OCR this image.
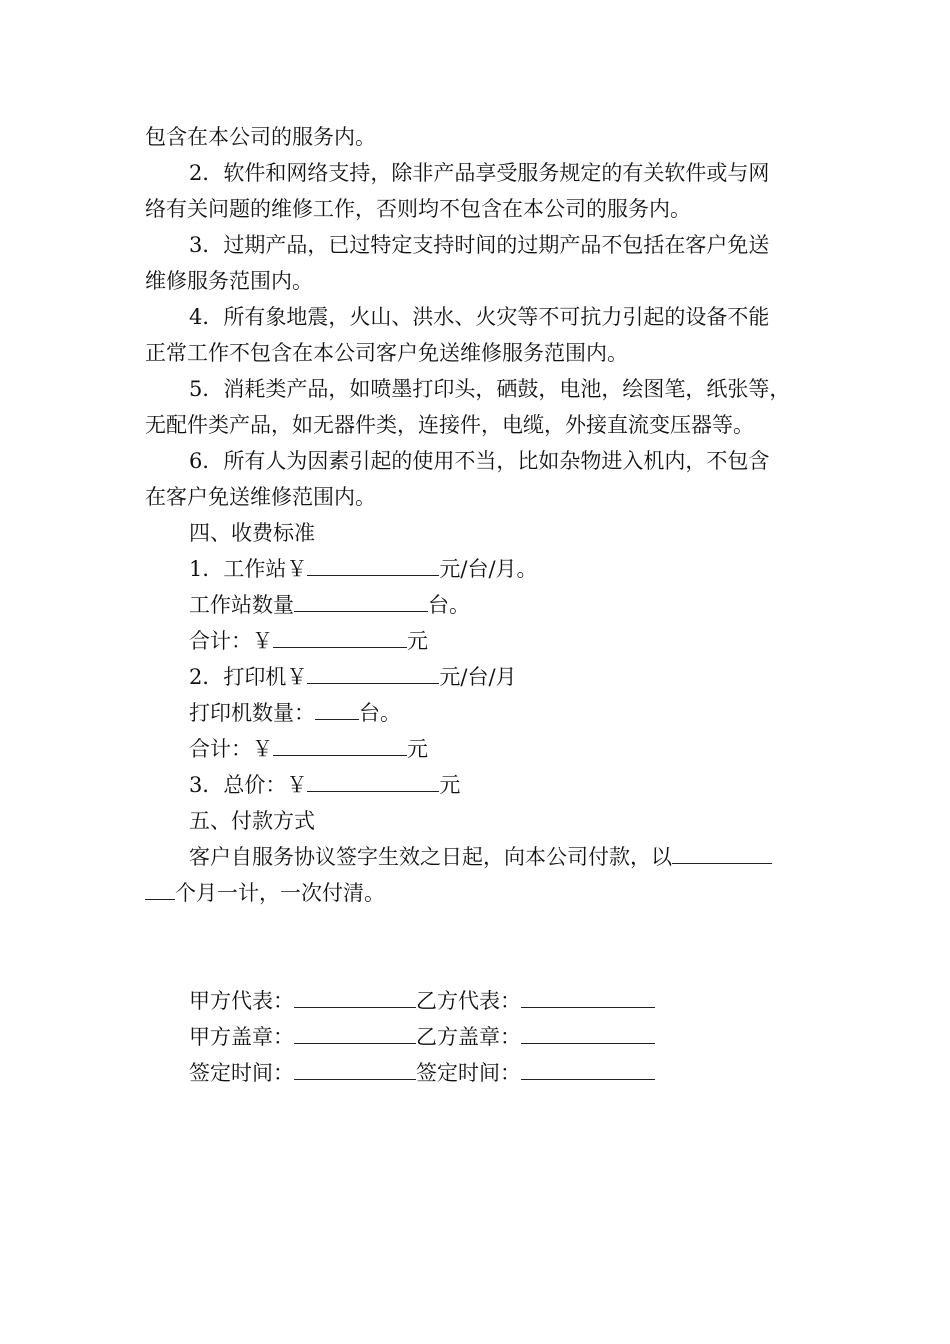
包含在本公司的服务内。
2．软件和网络支持，除非产品享受服务规定的有关软件或与网
络有关问题的维修工作，否则均不包含在本公司的服务内。
3．过期产品，已过特定支持时间的过期产品不包括在客户免送
维修服务范围内。
4．所有象地震，火山、洪水、火灾等不可抗力引起的设备不能
正常工作不包含在本公司客户免送维修服务范围内。
5．消耗类产品，如喷墨打印头，硒鼓，电池，绘图笔，纸张等，
无配件类产品，如无器件类，连接件，电缆，外接直流变压器等。
6．所有人为因素引起的使用不当，比如杂物进入机内，不包含
在客户免送维修范围内。
四、收费标准
1．工作站￥	元/台/月。
工作站数量	台。
合计：￥	元
2．打印机￥	元/台/月
打印机数量： 台。
合计：￥	元
3．总价：￥	元
五、付款方式
客户自服务协议签字生效之日起，向本公司付款，以
个月一计，一次付清。
甲方代表：	乙方代表：
甲方盖章：	乙方盖章：
签定时间：	签定时间：
